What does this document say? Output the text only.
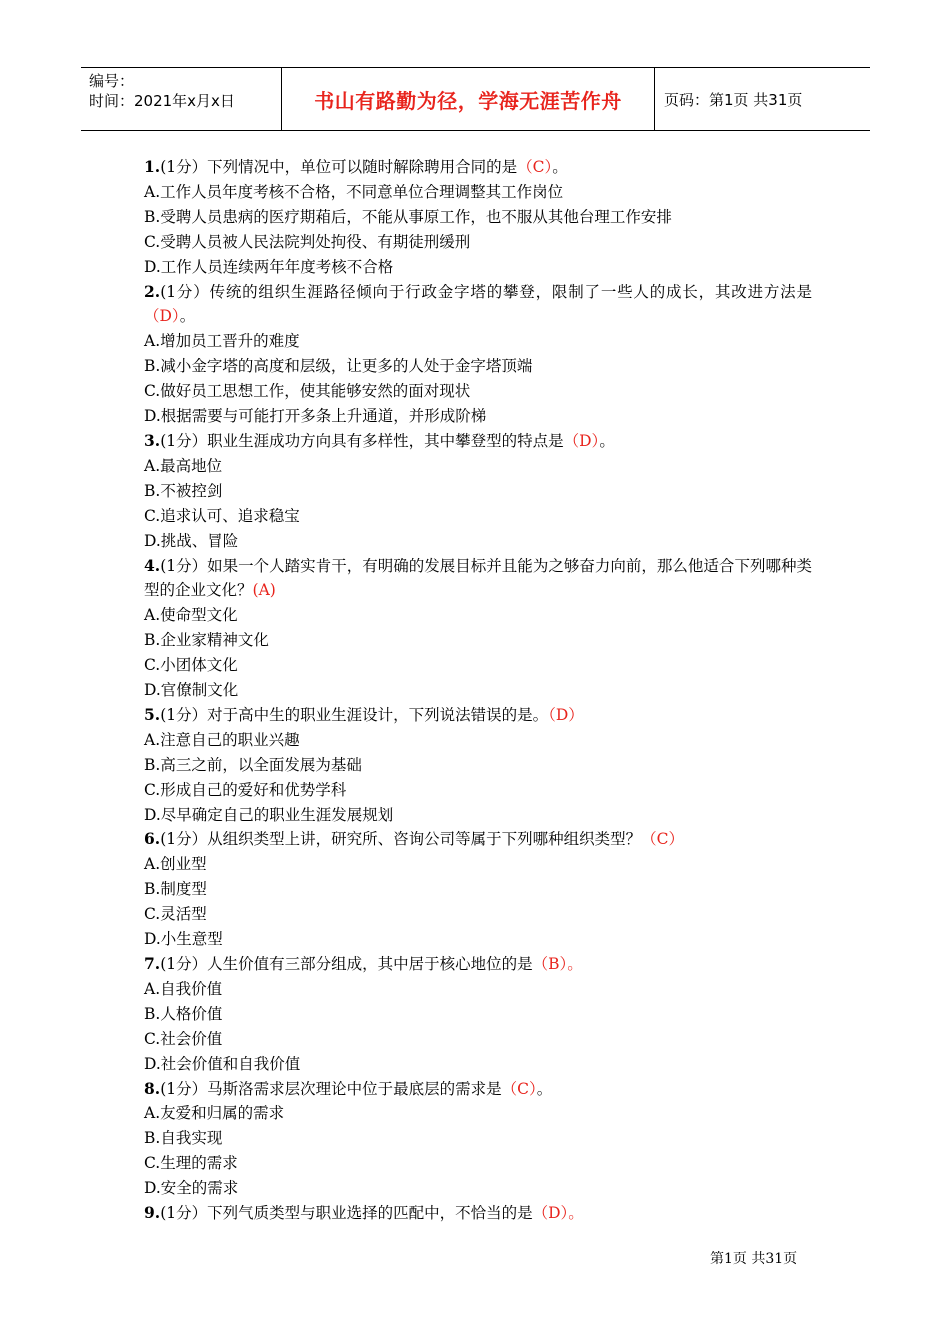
编号：
时间：2021年x月x日	书山有路勤为径，学海无涯苦作舟	页码：第1页 共31页
1.(1分）下列情况中，单位可以随时解除聘用合同的是（C）。
A.工作人员年度考核不合格，不同意单位合理调整其工作岗位
B.受聘人员患病的医疗期葙后，不能从事原工作，也不服从其他台理工作安排
C.受聘人员被人民法院判处拘役、有期徒刑缓刑
D.工作人员连续两年年度考核不合格
2.(1分）传统的组织生涯路径倾向于行政金字塔的攀登，限制了一些人的成长，其改进方法是（D）。
A.增加员工晋升的难度
B.减小金字塔的高度和层级，让更多的人处于金字塔顶端
C.做好员工思想工作，使其能够安然的面对现状
D.根据需要与可能打开多条上升通道，并形成阶梯
3.(1分）职业生涯成功方向具有多样性，其中攀登型的特点是（D）。
A.最高地位
B.不被控剑
C.追求认可、追求稳宝
D.挑战、冒险
4.(1分）如果一个人踏实肯干，有明确的发展目标并且能为之够奋力向前，那么他适合下列哪种类型的企业文化？(A)
A.使命型文化
B.企业家精神文化
C.小团体文化
D.官僚制文化
5.(1分）对于高中生的职业生涯设计，下列说法错误的是。（D）
A.注意自己的职业兴趣
B.高三之前，以全面发展为基础
C.形成自己的爱好和优势学科
D.尽早确定自己的职业生涯发展规划
6.(1分）从组织类型上讲，研究所、咨询公司等属于下列哪种组织类型？（C）
A.创业型
B.制度型
C.灵活型
D.小生意型
7.(1分）人生价值有三部分组成，其中居于核心地位的是（B）。
A.自我价值
B.人格价值
C.社会价值
D.社会价值和自我价值
8.(1分）马斯洛需求层次理论中位于最底层的需求是（C）。
A.友爱和归属的需求
B.自我实现
C.生理的需求
D.安全的需求
9.(1分）下列气质类型与职业选择的匹配中，不恰当的是（D）。
第1页 共31页
